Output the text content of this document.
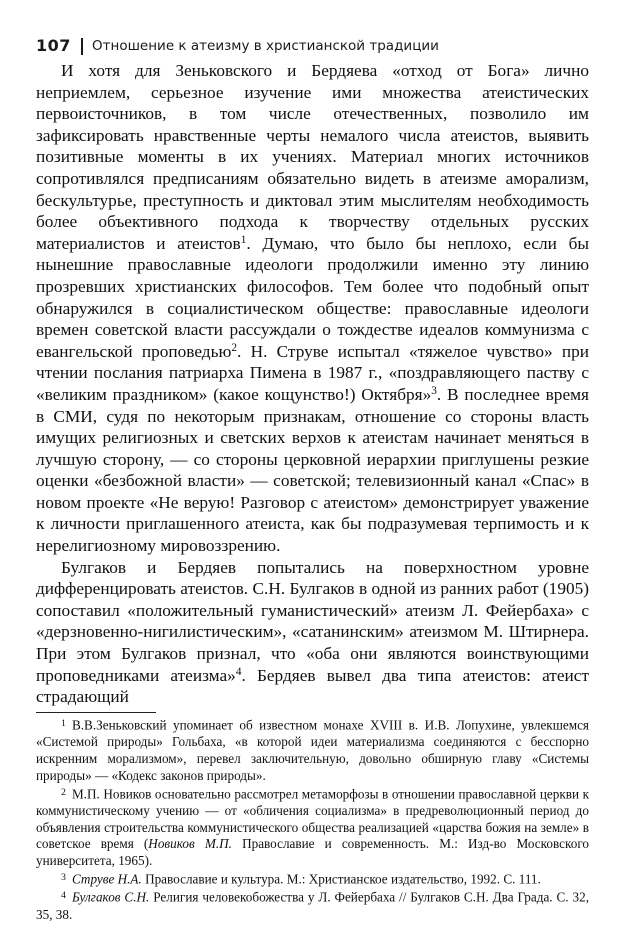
107 Отношение к атеизму в христианской традиции

И хотя для Зеньковского и Бердяева «отход от Бога» лично неприемлем, серьезное изучение ими множества атеистических первоисточников, в том числе отечественных, позволило им зафиксировать нравственные черты немалого числа атеистов, выявить позитивные моменты в их учениях. Материал многих источников сопротивлялся предписаниям обязательно видеть в атеизме аморализм, бескультурье, преступность и диктовал этим мыслителям необходимость более объективного подхода к творчеству отдельных русских материалистов и атеистов$^1$. Думаю, что было бы неплохо, если бы нынешние православные идеологи продолжили именно эту линию прозревших христианских философов. Тем более что подобный опыт обнаружился в социалистическом обществе: православные идеологи времен советской власти рассуждали о тождестве идеалов коммунизма с евангельской проповедью$^2$. Н. Струве испытал «тяжелое чувство» при чтении послания патриарха Пимена в 1987 г., «поздравляющего паству с «великим праздником» (какое кощунство!) Октября»$^3$. В последнее время в СМИ, судя по некоторым признакам, отношение со стороны власть имущих религиозных и светских верхов к атеистам начинает меняться в лучшую сторону, — со стороны церковной иерархии приглушены резкие оценки «безбожной власти» — советской; телевизионный канал «Спас» в новом проекте «Не верую! Разговор с атеистом» демонстрирует уважение к личности приглашенного атеиста, как бы подразумевая терпимость и к нерелигиозному мировоззрению.

Булгаков и Бердяев попытались на поверхностном уровне дифференцировать атеистов. С.Н. Булгаков в одной из ранних работ (1905) сопоставил «положительный гуманистический» атеизм Л. Фейербаха» с «дерзновенно-нигилистическим», «сатанинским» атеизмом М. Штирнера. При этом Булгаков признал, что «оба они являются воинствующими проповедниками атеизма»$^4$. Бердяев вывел два типа атеистов: атеист страдающий

$^1$ В.В.Зеньковский упоминает об известном монахе XVIII в. И.В. Лопухине, увлекшемся «Системой природы» Гольбаха, «в которой идеи материализма соединяются с бесспорно искренним морализмом», перевел заключительную, довольно обширную главу «Системы природы» — «Кодекс законов природы».

$^2$ М.П. Новиков основательно рассмотрел метаморфозы в отношении православной церкви к коммунистическому учению — от «обличения социализма» в предреволюционный период до объявления строительства коммунистического общества реализацией «царства божия на земле» в советское время (Новиков М.П. Православие и современность. М.: Изд-во Московского университета, 1965).

$^3$ Струве Н.А. Православие и культура. М.: Христианское издательство, 1992. С. 111.

$^4$ Булгаков С.Н. Религия человекобожества у Л. Фейербаха // Булгаков С.Н. Два Града. С. 32, 35, 38.
